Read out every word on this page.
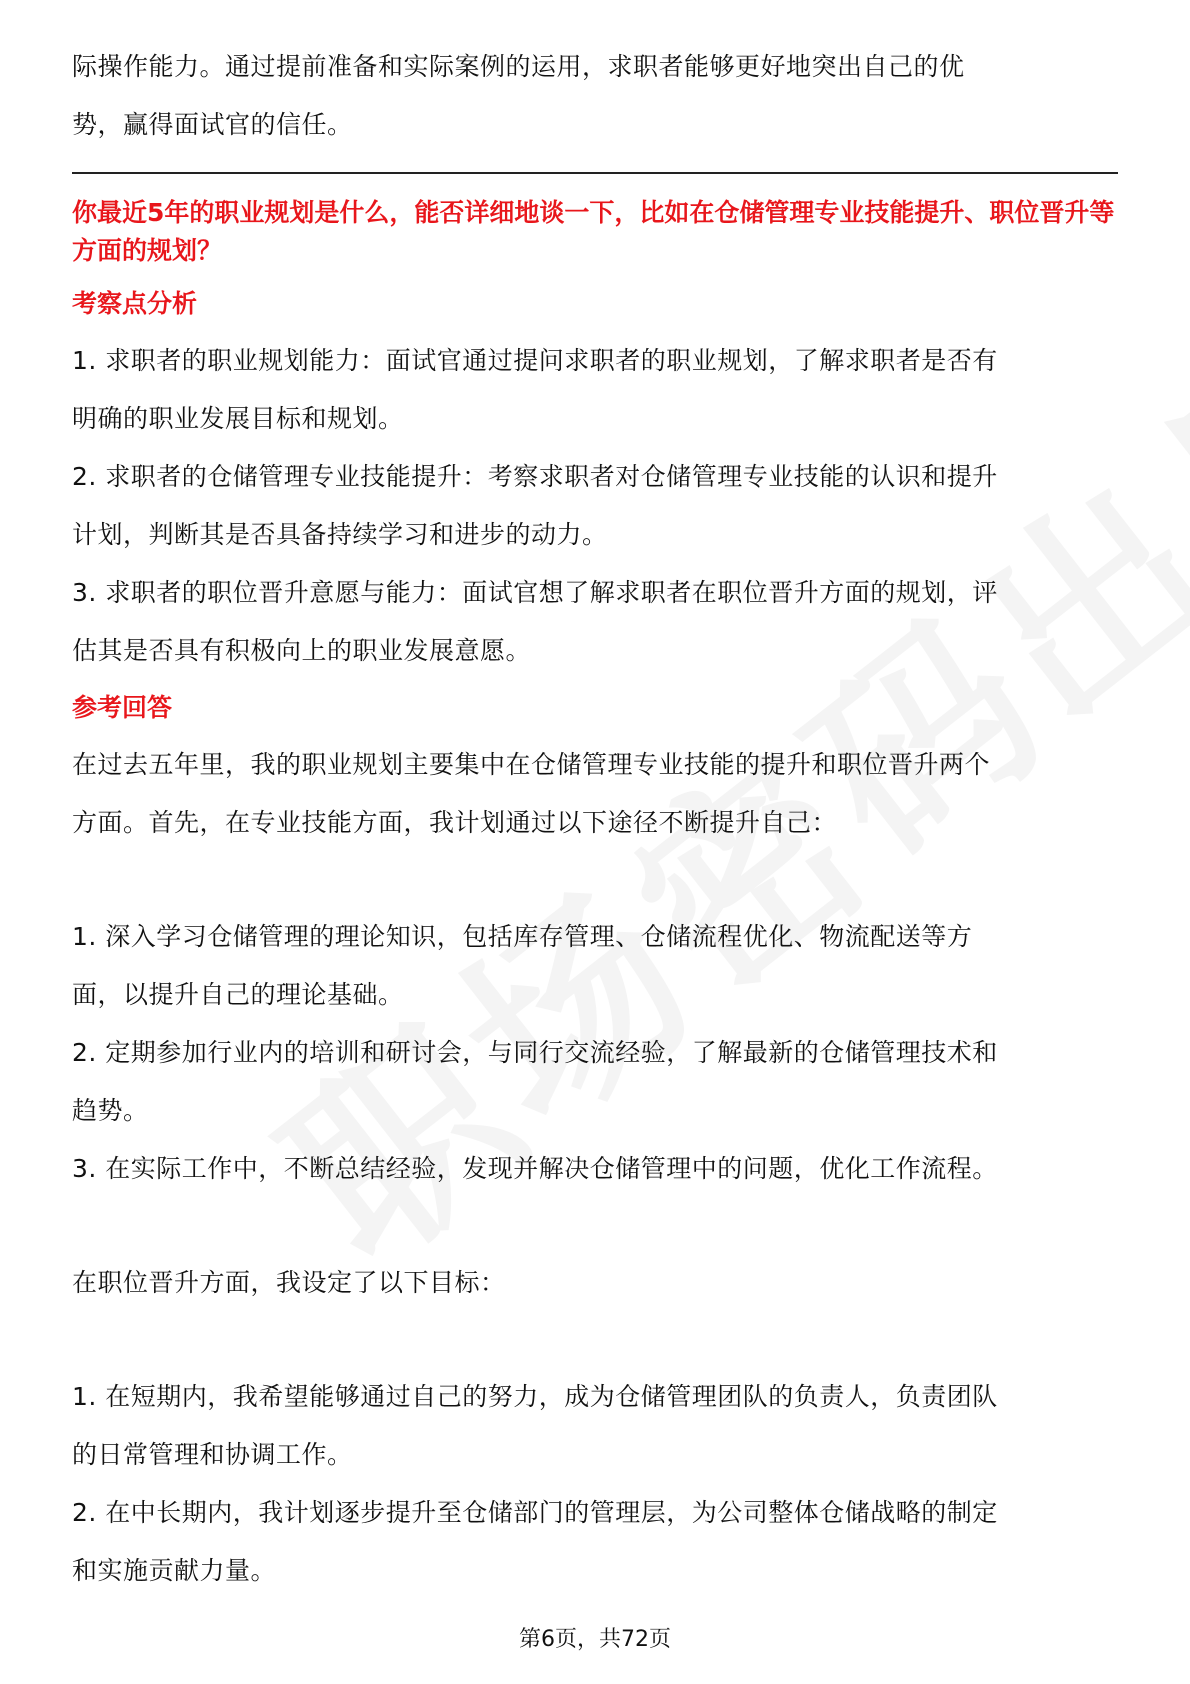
际操作能力。通过提前准备和实际案例的运用，求职者能够更好地突出自己的优

势，赢得面试官的信任。

你最近5年的职业规划是什么，能否详细地谈一下，比如在仓储管理专业技能提升、职位晋升等方面的规划？

考察点分析

1. 求职者的职业规划能力：面试官通过提问求职者的职业规划，了解求职者是否有

明确的职业发展目标和规划。

2. 求职者的仓储管理专业技能提升：考察求职者对仓储管理专业技能的认识和提升

计划，判断其是否具备持续学习和进步的动力。

3. 求职者的职位晋升意愿与能力：面试官想了解求职者在职位晋升方面的规划，评

估其是否具有积极向上的职业发展意愿。

参考回答

在过去五年里，我的职业规划主要集中在仓储管理专业技能的提升和职位晋升两个

方面。首先，在专业技能方面，我计划通过以下途径不断提升自己：

1. 深入学习仓储管理的理论知识，包括库存管理、仓储流程优化、物流配送等方

面，以提升自己的理论基础。

2. 定期参加行业内的培训和研讨会，与同行交流经验，了解最新的仓储管理技术和

趋势。

3. 在实际工作中，不断总结经验，发现并解决仓储管理中的问题，优化工作流程。

在职位晋升方面，我设定了以下目标：

1. 在短期内，我希望能够通过自己的努力，成为仓储管理团队的负责人，负责团队

的日常管理和协调工作。

2. 在中长期内，我计划逐步提升至仓储部门的管理层，为公司整体仓储战略的制定

和实施贡献力量。

第6页，共72页
